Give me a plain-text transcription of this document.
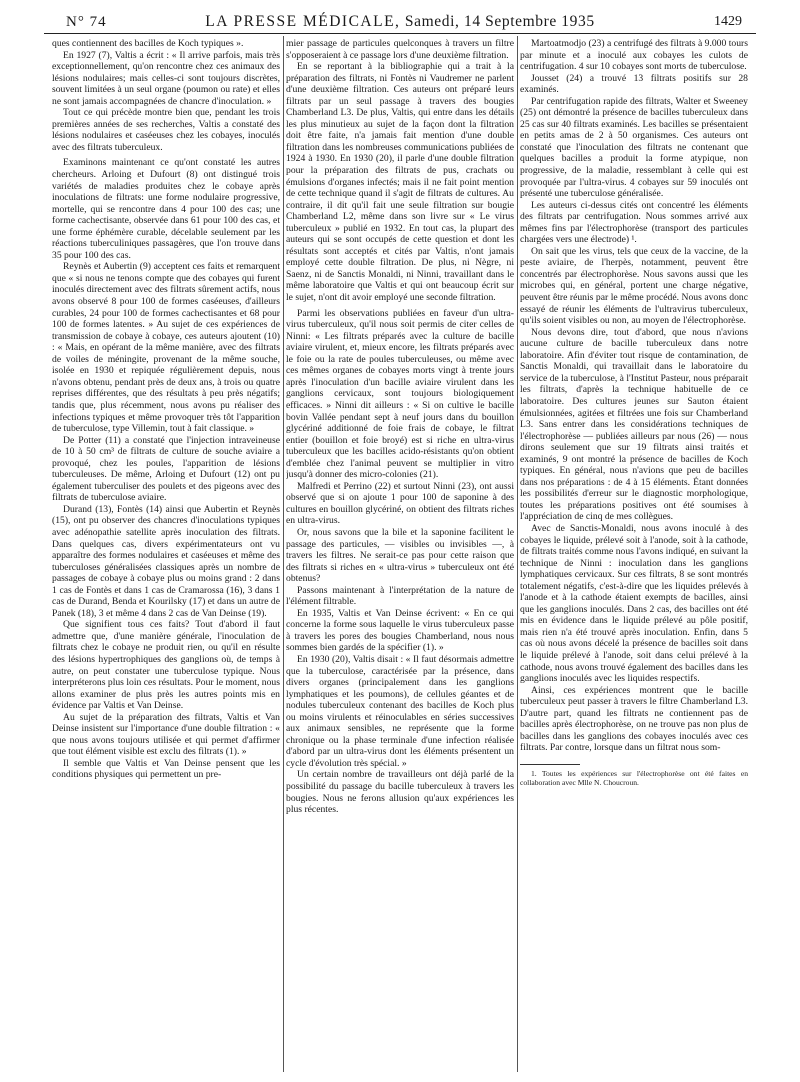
N° 74	LA PRESSE MÉDICALE, Samedi, 14 Septembre 1935	1429

ques contiennent des bacilles de Koch typiques ».

En 1927 (7), Valtis a écrit : « Il arrive parfois, mais très exceptionnellement, qu'on rencontre chez ces animaux des lésions nodulaires; mais celles-ci sont toujours discrètes, souvent limitées à un seul organe (poumon ou rate) et elles ne sont jamais accompagnées de chancre d'inoculation. »

Tout ce qui précède montre bien que, pendant les trois premières années de ses recherches, Valtis a constaté des lésions nodulaires et caséeuses chez les cobayes, inoculés avec des filtrats tuberculeux.

Examinons maintenant ce qu'ont constaté les autres chercheurs. Arloing et Dufourt (8) ont distingué trois variétés de maladies produites chez le cobaye après inoculations de filtrats: une forme nodulaire progressive, mortelle, qui se rencontre dans 4 pour 100 des cas; une forme cachectisante, observée dans 61 pour 100 des cas, et une forme éphémère curable, décelable seulement par les réactions tuberculiniques passagères, que l'on trouve dans 35 pour 100 des cas.

Reynès et Aubertin (9) acceptent ces faits et remarquent que « si nous ne tenons compte que des cobayes qui furent inoculés directement avec des filtrats sûrement actifs, nous avons observé 8 pour 100 de formes caséeuses, d'ailleurs curables, 24 pour 100 de formes cachectisantes et 68 pour 100 de formes latentes. » Au sujet de ces expériences de transmission de cobaye à cobaye, ces auteurs ajoutent (10) : « Mais, en opérant de la même manière, avec des filtrats de voiles de méningite, provenant de la même souche, isolée en 1930 et repiquée régulièrement depuis, nous n'avons obtenu, pendant près de deux ans, à trois ou quatre reprises différentes, que des résultats à peu près négatifs; tandis que, plus récemment, nous avons pu réaliser des infections typiques et même provoquer très tôt l'apparition de tuberculose, type Villemin, tout à fait classique. »

De Potter (11) a constaté que l'injection intraveineuse de 10 à 50 cm³ de filtrats de culture de souche aviaire a provoqué, chez les poules, l'apparition de lésions tuberculeuses. De même, Arloing et Dufourt (12) ont pu également tuberculiser des poulets et des pigeons avec des filtrats de tuberculose aviaire.

Durand (13), Fontès (14) ainsi que Aubertin et Reynès (15), ont pu observer des chancres d'inoculations typiques avec adénopathie satellite après inoculation des filtrats. Dans quelques cas, divers expérimentateurs ont vu apparaître des formes nodulaires et caséeuses et même des tuberculoses généralisées classiques après un nombre de passages de cobaye à cobaye plus ou moins grand : 2 dans 1 cas de Fontès et dans 1 cas de Cramarossa (16), 3 dans 1 cas de Durand, Benda et Kourilsky (17) et dans un autre de Panek (18), 3 et même 4 dans 2 cas de Van Deinse (19).

Que signifient tous ces faits? Tout d'abord il faut admettre que, d'une manière générale, l'inoculation de filtrats chez le cobaye ne produit rien, ou qu'il en résulte des lésions hypertrophiques des ganglions où, de temps à autre, on peut constater une tuberculose typique. Nous interpréterons plus loin ces résultats. Pour le moment, nous allons examiner de plus près les autres points mis en évidence par Valtis et Van Deinse.

Au sujet de la préparation des filtrats, Valtis et Van Deinse insistent sur l'importance d'une double filtration : « que nous avons toujours utilisée et qui permet d'affirmer que tout élément visible est exclu des filtrats (1). »

Il semble que Valtis et Van Deinse pensent que les conditions physiques qui permettent un pre-

mier passage de particules quelconques à travers un filtre s'opposeraient à ce passage lors d'une deuxième filtration.

En se reportant à la bibliographie qui a trait à la préparation des filtrats, ni Fontès ni Vaudremer ne parlent d'une deuxième filtration. Ces auteurs ont préparé leurs filtrats par un seul passage à travers des bougies Chamberland L3. De plus, Valtis, qui entre dans les détails les plus minutieux au sujet de la façon dont la filtration doit être faite, n'a jamais fait mention d'une double filtration dans les nombreuses communications publiées de 1924 à 1930. En 1930 (20), il parle d'une double filtration pour la préparation des filtrats de pus, crachats ou émulsions d'organes infectés; mais il ne fait point mention de cette technique quand il s'agit de filtrats de cultures. Au contraire, il dit qu'il fait une seule filtration sur bougie Chamberland L2, même dans son livre sur « Le virus tuberculeux » publié en 1932. En tout cas, la plupart des auteurs qui se sont occupés de cette question et dont les résultats sont acceptés et cités par Valtis, n'ont jamais employé cette double filtration. De plus, ni Nègre, ni Saenz, ni de Sanctis Monaldi, ni Ninni, travaillant dans le même laboratoire que Valtis et qui ont beaucoup écrit sur le sujet, n'ont dit avoir employé une seconde filtration.

Parmi les observations publiées en faveur d'un ultra-virus tuberculeux, qu'il nous soit permis de citer celles de Ninni: « Les filtrats préparés avec la culture de bacille aviaire virulent, et, mieux encore, les filtrats préparés avec le foie ou la rate de poules tuberculeuses, ou même avec ces mêmes organes de cobayes morts vingt à trente jours après l'inoculation d'un bacille aviaire virulent dans les ganglions cervicaux, sont toujours biologiquement efficaces. » Ninni dit ailleurs : « Si on cultive le bacille bovin Vallée pendant sept à neuf jours dans du bouillon glycériné additionné de foie frais de cobaye, le filtrat entier (bouillon et foie broyé) est si riche en ultra-virus tuberculeux que les bacilles acido-résistants qu'on obtient d'emblée chez l'animal peuvent se multiplier in vitro jusqu'à donner des micro-colonies (21).

Malfredi et Perrino (22) et surtout Ninni (23), ont aussi observé que si on ajoute 1 pour 100 de saponine à des cultures en bouillon glycériné, on obtient des filtrats riches en ultra-virus.

Or, nous savons que la bile et la saponine facilitent le passage des particules, — visibles ou invisibles —, à travers les filtres. Ne serait-ce pas pour cette raison que des filtrats si riches en « ultra-virus » tuberculeux ont été obtenus?

Passons maintenant à l'interprétation de la nature de l'élément filtrable.

En 1935, Valtis et Van Deinse écrivent: « En ce qui concerne la forme sous laquelle le virus tuberculeux passe à travers les pores des bougies Chamberland, nous nous sommes bien gardés de la spécifier (1). »

En 1930 (20), Valtis disait : « Il faut désormais admettre que la tuberculose, caractérisée par la présence, dans divers organes (principalement dans les ganglions lymphatiques et les poumons), de cellules géantes et de nodules tuberculeux contenant des bacilles de Koch plus ou moins virulents et réinoculables en séries successives aux animaux sensibles, ne représente que la forme chronique ou la phase terminale d'une infection réalisée d'abord par un ultra-virus dont les éléments présentent un cycle d'évolution très spécial. »

Un certain nombre de travailleurs ont déjà parlé de la possibilité du passage du bacille tuberculeux à travers les bougies. Nous ne ferons allusion qu'aux expériences les plus récentes.

Martoatmodjo (23) a centrifugé des filtrats à 9.000 tours par minute et a inoculé aux cobayes les culots de centrifugation. 4 sur 10 cobayes sont morts de tuberculose.

Jousset (24) a trouvé 13 filtrats positifs sur 28 examinés.

Par centrifugation rapide des filtrats, Walter et Sweeney (25) ont démontré la présence de bacilles tuberculeux dans 25 cas sur 40 filtrats examinés. Les bacilles se présentaient en petits amas de 2 à 50 organismes. Ces auteurs ont constaté que l'inoculation des filtrats ne contenant que quelques bacilles a produit la forme atypique, non progressive, de la maladie, ressemblant à celle qui est provoquée par l'ultra-virus. 4 cobayes sur 59 inoculés ont présenté une tuberculose généralisée.

Les auteurs ci-dessus cités ont concentré les éléments des filtrats par centrifugation. Nous sommes arrivé aux mêmes fins par l'électrophorèse (transport des particules chargées vers une électrode) ¹.

On sait que les virus, tels que ceux de la vaccine, de la peste aviaire, de l'herpès, notamment, peuvent être concentrés par électrophorèse. Nous savons aussi que les microbes qui, en général, portent une charge négative, peuvent être réunis par le même procédé. Nous avons donc essayé de réunir les éléments de l'ultravirus tuberculeux, qu'ils soient visibles ou non, au moyen de l'électrophorèse.

Nous devons dire, tout d'abord, que nous n'avions aucune culture de bacille tuberculeux dans notre laboratoire. Afin d'éviter tout risque de contamination, de Sanctis Monaldi, qui travaillait dans le laboratoire du service de la tuberculose, à l'Institut Pasteur, nous préparait les filtrats, d'après la technique habituelle de ce laboratoire. Des cultures jeunes sur Sauton étaient émulsionnées, agitées et filtrées une fois sur Chamberland L3. Sans entrer dans les considérations techniques de l'électrophorèse — publiées ailleurs par nous (26) — nous dirons seulement que sur 19 filtrats ainsi traités et examinés, 9 ont montré la présence de bacilles de Koch typiques. En général, nous n'avions que peu de bacilles dans nos préparations : de 4 à 15 éléments. Étant données les possibilités d'erreur sur le diagnostic morphologique, toutes les préparations positives ont été soumises à l'appréciation de cinq de mes collègues.

Avec de Sanctis-Monaldi, nous avons inoculé à des cobayes le liquide, prélevé soit à l'anode, soit à la cathode, de filtrats traités comme nous l'avons indiqué, en suivant la technique de Ninni : inoculation dans les ganglions lymphatiques cervicaux. Sur ces filtrats, 8 se sont montrés totalement négatifs, c'est-à-dire que les liquides prélevés à l'anode et à la cathode étaient exempts de bacilles, ainsi que les ganglions inoculés. Dans 2 cas, des bacilles ont été mis en évidence dans le liquide prélevé au pôle positif, mais rien n'a été trouvé après inoculation. Enfin, dans 5 cas où nous avons décelé la présence de bacilles soit dans le liquide prélevé à l'anode, soit dans celui prélevé à la cathode, nous avons trouvé également des bacilles dans les ganglions inoculés avec les liquides respectifs.

Ainsi, ces expériences montrent que le bacille tuberculeux peut passer à travers le filtre Chamberland L3. D'autre part, quand les filtrats ne contiennent pas de bacilles après électrophorèse, on ne trouve pas non plus de bacilles dans les ganglions des cobayes inoculés avec ces filtrats. Par contre, lorsque dans un filtrat nous som-

1. Toutes les expériences sur l'électrophorèse ont été faites en collaboration avec Mlle N. Choucroun.
